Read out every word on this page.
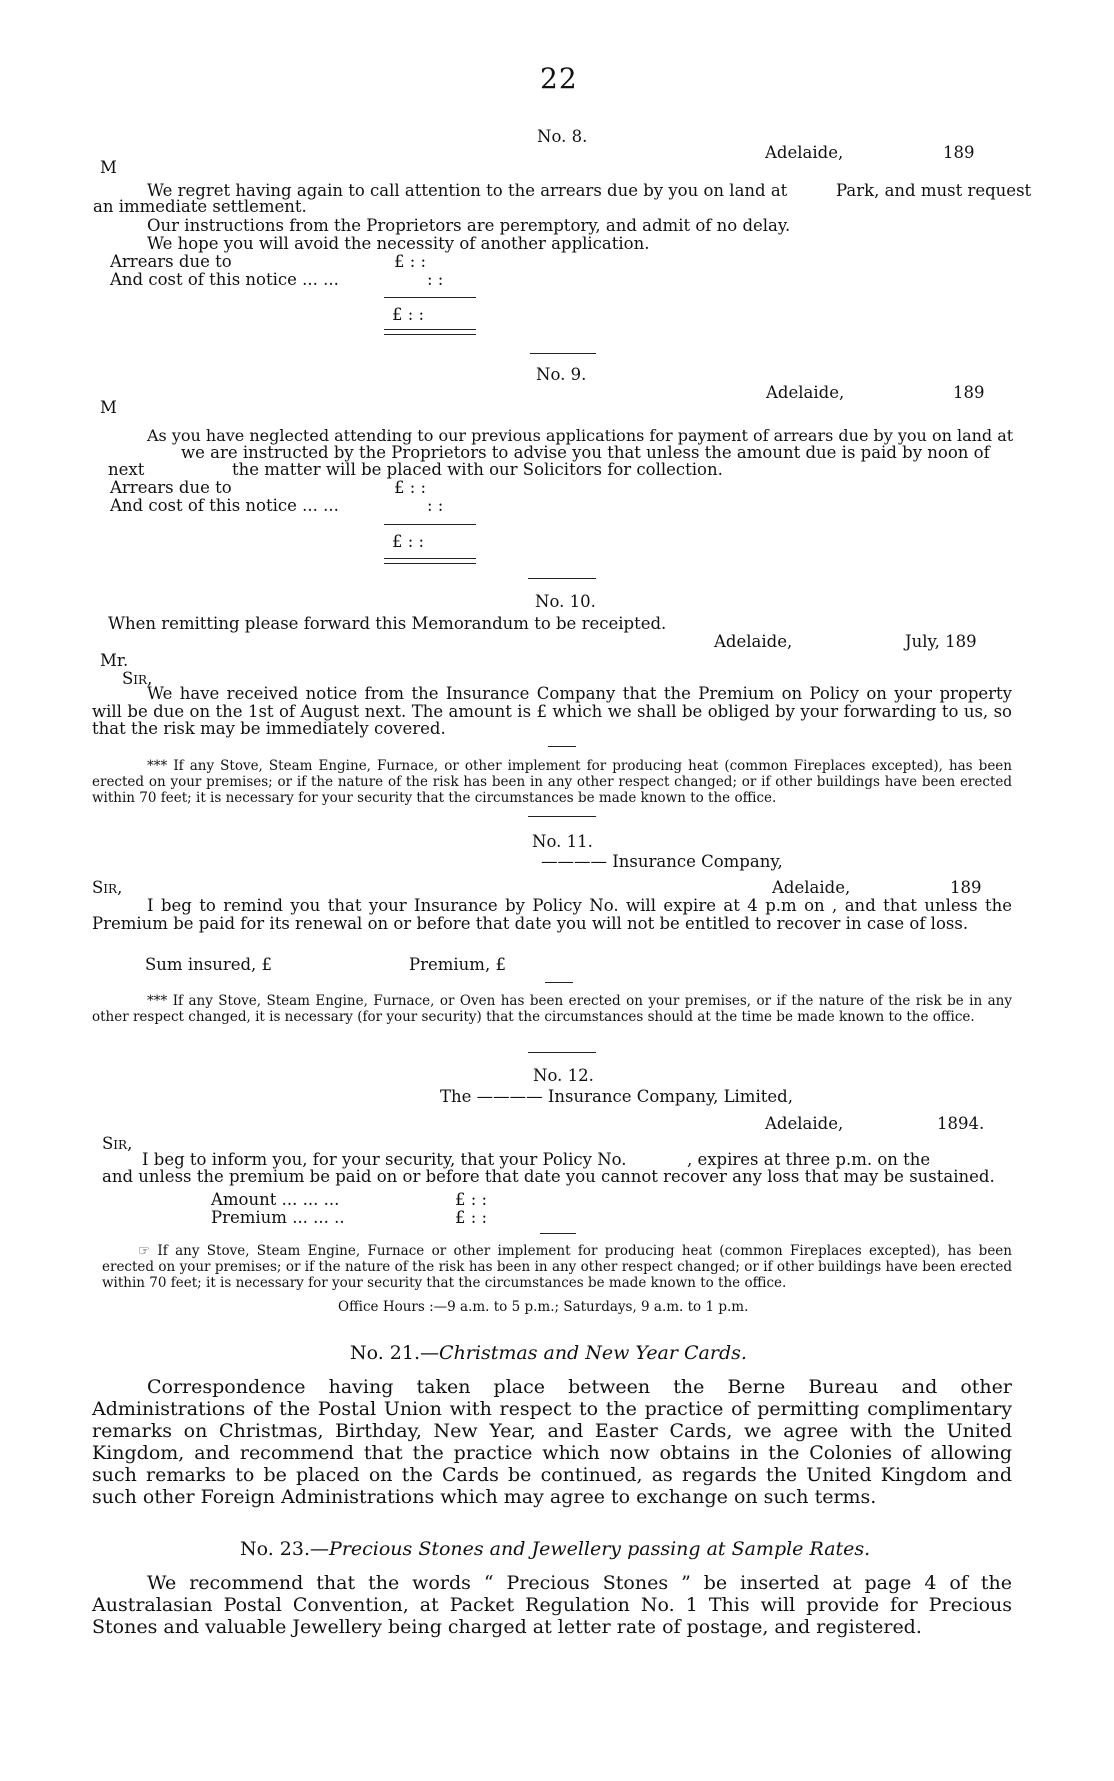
22
No. 8.
Adelaide,	189
M
We regret having again to call attention to the arrears due by you on land at	Park, and must request
an immediate settlement.
Our instructions from the Proprietors are peremptory, and admit of no delay.
We hope you will avoid the necessity of another application.
Arrears due to	£ : :
And cost of this notice ... ...	: :
£ : :
No. 9.
Adelaide,	189
M
As you have neglected attending to our previous applications for payment of arrears due by you on land at
we are instructed by the Proprietors to advise you that unless the amount due is paid by noon of
next	the matter will be placed with our Solicitors for collection.
Arrears due to	£ : :
And cost of this notice ... ...	: :
£ : :
No. 10.
When remitting please forward this Memorandum to be receipted.
Adelaide,	July, 189
Mr.
Sir,
We have received notice from the Insurance Company that the Premium on Policy on your property will be due on the 1st of August next. The amount is £ which we shall be obliged by your forwarding to us, so that the risk may be immediately covered.
*** If any Stove, Steam Engine, Furnace, or other implement for producing heat (common Fireplaces excepted), has been erected on your premises; or if the nature of the risk has been in any other respect changed; or if other buildings have been erected within 70 feet; it is necessary for your security that the circumstances be made known to the office.
No. 11.
———— Insurance Company,
Sir,	Adelaide,	189
I beg to remind you that your Insurance by Policy No. will expire at 4 p.m on , and that unless the Premium be paid for its renewal on or before that date you will not be entitled to recover in case of loss.
Sum insured, £	Premium, £
*** If any Stove, Steam Engine, Furnace, or Oven has been erected on your premises, or if the nature of the risk be in any other respect changed, it is necessary (for your security) that the circumstances should at the time be made known to the office.
No. 12.
The ———— Insurance Company, Limited,
Adelaide,	1894.
Sir,
I beg to inform you, for your security, that your Policy No.	, expires at three p.m. on the
and unless the premium be paid on or before that date you cannot recover any loss that may be sustained.
Amount ... ... ...	£ : :
Premium ... ... ..	£ : :
☞ If any Stove, Steam Engine, Furnace or other implement for producing heat (common Fireplaces excepted), has been erected on your premises; or if the nature of the risk has been in any other respect changed; or if other buildings have been erected within 70 feet; it is necessary for your security that the circumstances be made known to the office.
Office Hours :—9 a.m. to 5 p.m.; Saturdays, 9 a.m. to 1 p.m.
No. 21.—Christmas and New Year Cards.
Correspondence having taken place between the Berne Bureau and other Administrations of the Postal Union with respect to the practice of permitting complimentary remarks on Christmas, Birthday, New Year, and Easter Cards, we agree with the United Kingdom, and recommend that the practice which now obtains in the Colonies of allowing such remarks to be placed on the Cards be continued, as regards the United Kingdom and such other Foreign Administrations which may agree to exchange on such terms.
No. 23.—Precious Stones and Jewellery passing at Sample Rates.
We recommend that the words “ Precious Stones ” be inserted at page 4 of the Australasian Postal Convention, at Packet Regulation No. 1 This will provide for Precious Stones and valuable Jewellery being charged at letter rate of postage, and registered.
